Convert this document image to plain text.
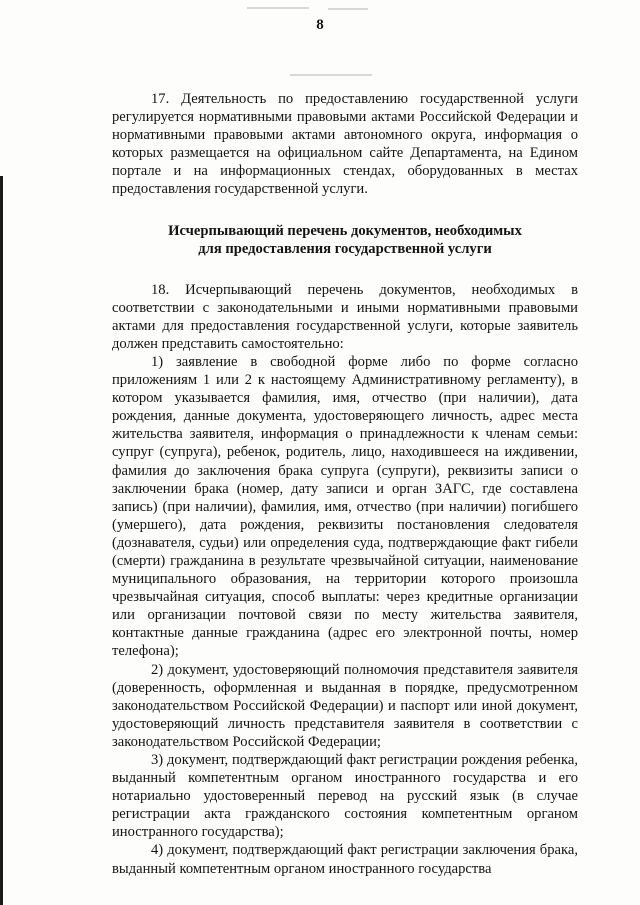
8

17. Деятельность по предоставлению государственной услуги регулируется нормативными правовыми актами Российской Федерации и нормативными правовыми актами автономного округа, информация о которых размещается на официальном сайте Департамента, на Едином портале и на информационных стендах, оборудованных в местах предоставления государственной услуги.

Исчерпывающий перечень документов, необходимых
для предоставления государственной услуги

18. Исчерпывающий перечень документов, необходимых в соответствии с законодательными и иными нормативными правовыми актами для предоставления государственной услуги, которые заявитель должен представить самостоятельно:

1) заявление в свободной форме либо по форме согласно приложениям 1 или 2 к настоящему Административному регламенту), в котором указывается фамилия, имя, отчество (при наличии), дата рождения, данные документа, удостоверяющего личность, адрес места жительства заявителя, информация о принадлежности к членам семьи: супруг (супруга), ребенок, родитель, лицо, находившееся на иждивении, фамилия до заключения брака супруга (супруги), реквизиты записи о заключении брака (номер, дату записи и орган ЗАГС, где составлена запись) (при наличии), фамилия, имя, отчество (при наличии) погибшего (умершего), дата рождения, реквизиты постановления следователя (дознавателя, судьи) или определения суда, подтверждающие факт гибели (смерти) гражданина в результате чрезвычайной ситуации, наименование муниципального образования, на территории которого произошла чрезвычайная ситуация, способ выплаты: через кредитные организации или организации почтовой связи по месту жительства заявителя, контактные данные гражданина (адрес его электронной почты, номер телефона);

2) документ, удостоверяющий полномочия представителя заявителя (доверенность, оформленная и выданная в порядке, предусмотренном законодательством Российской Федерации) и паспорт или иной документ, удостоверяющий личность представителя заявителя в соответствии с законодательством Российской Федерации;

3) документ, подтверждающий факт регистрации рождения ребенка, выданный компетентным органом иностранного государства и его нотариально удостоверенный перевод на русский язык (в случае регистрации акта гражданского состояния компетентным органом иностранного государства);

4) документ, подтверждающий факт регистрации заключения брака, выданный компетентным органом иностранного государства
